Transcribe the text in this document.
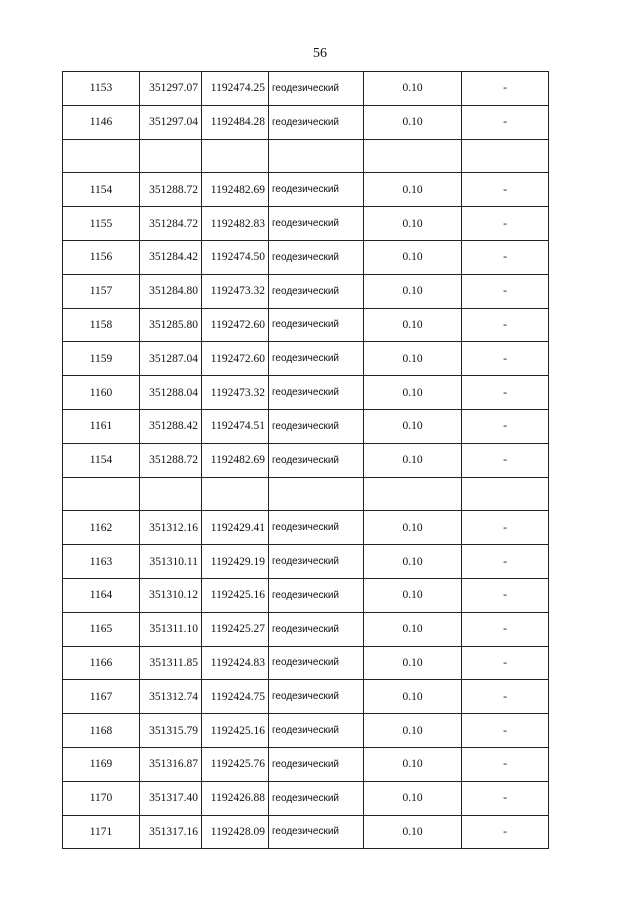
56
1153	351297.07	1192474.25	геодезический	0.10	-
1146	351297.04	1192484.28	геодезический	0.10	-

1154	351288.72	1192482.69	геодезический	0.10	-
1155	351284.72	1192482.83	геодезический	0.10	-
1156	351284.42	1192474.50	геодезический	0.10	-
1157	351284.80	1192473.32	геодезический	0.10	-
1158	351285.80	1192472.60	геодезический	0.10	-
1159	351287.04	1192472.60	геодезический	0.10	-
1160	351288.04	1192473.32	геодезический	0.10	-
1161	351288.42	1192474.51	геодезический	0.10	-
1154	351288.72	1192482.69	геодезический	0.10	-

1162	351312.16	1192429.41	геодезический	0.10	-
1163	351310.11	1192429.19	геодезический	0.10	-
1164	351310.12	1192425.16	геодезический	0.10	-
1165	351311.10	1192425.27	геодезический	0.10	-
1166	351311.85	1192424.83	геодезический	0.10	-
1167	351312.74	1192424.75	геодезический	0.10	-
1168	351315.79	1192425.16	геодезический	0.10	-
1169	351316.87	1192425.76	геодезический	0.10	-
1170	351317.40	1192426.88	геодезический	0.10	-
1171	351317.16	1192428.09	геодезический	0.10	-
